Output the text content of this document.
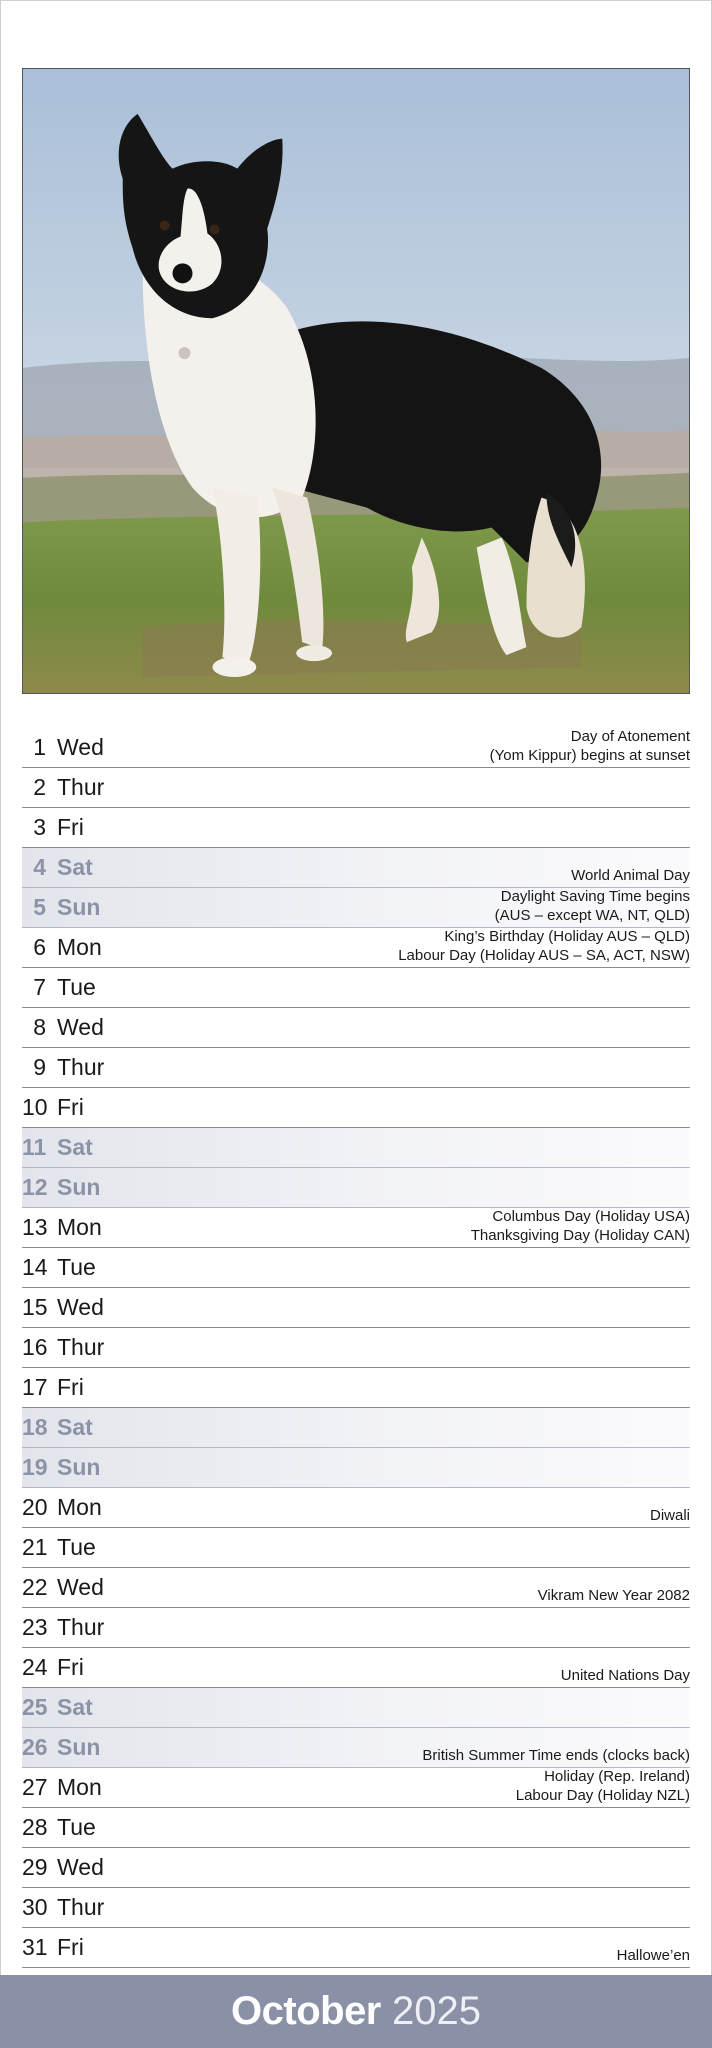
1 Wed	Day of Atonement
(Yom Kippur) begins at sunset
2 Thur
3 Fri
4 Sat	World Animal Day
5 Sun	Daylight Saving Time begins
(AUS – except WA, NT, QLD)
6 Mon	King’s Birthday (Holiday AUS – QLD)
Labour Day (Holiday AUS – SA, ACT, NSW)
7 Tue
8 Wed
9 Thur
10 Fri
11 Sat
12 Sun
13 Mon	Columbus Day (Holiday USA)
Thanksgiving Day (Holiday CAN)
14 Tue
15 Wed
16 Thur
17 Fri
18 Sat
19 Sun
20 Mon	Diwali
21 Tue
22 Wed	Vikram New Year 2082
23 Thur
24 Fri	United Nations Day
25 Sat
26 Sun	British Summer Time ends (clocks back)
27 Mon	Holiday (Rep. Ireland)
Labour Day (Holiday NZL)
28 Tue
29 Wed
30 Thur
31 Fri	Hallowe’en
October 2025
